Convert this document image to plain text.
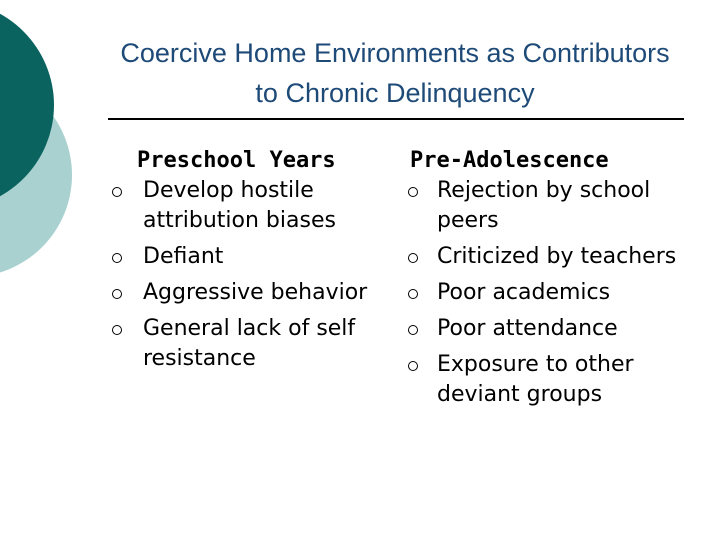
Coercive Home Environments as Contributors to Chronic Delinquency
Preschool Years
Develop hostile attribution biases
Defiant
Aggressive behavior
General lack of self resistance
Pre-Adolescence
Rejection by school peers
Criticized by teachers
Poor academics
Poor attendance
Exposure to other deviant groups
